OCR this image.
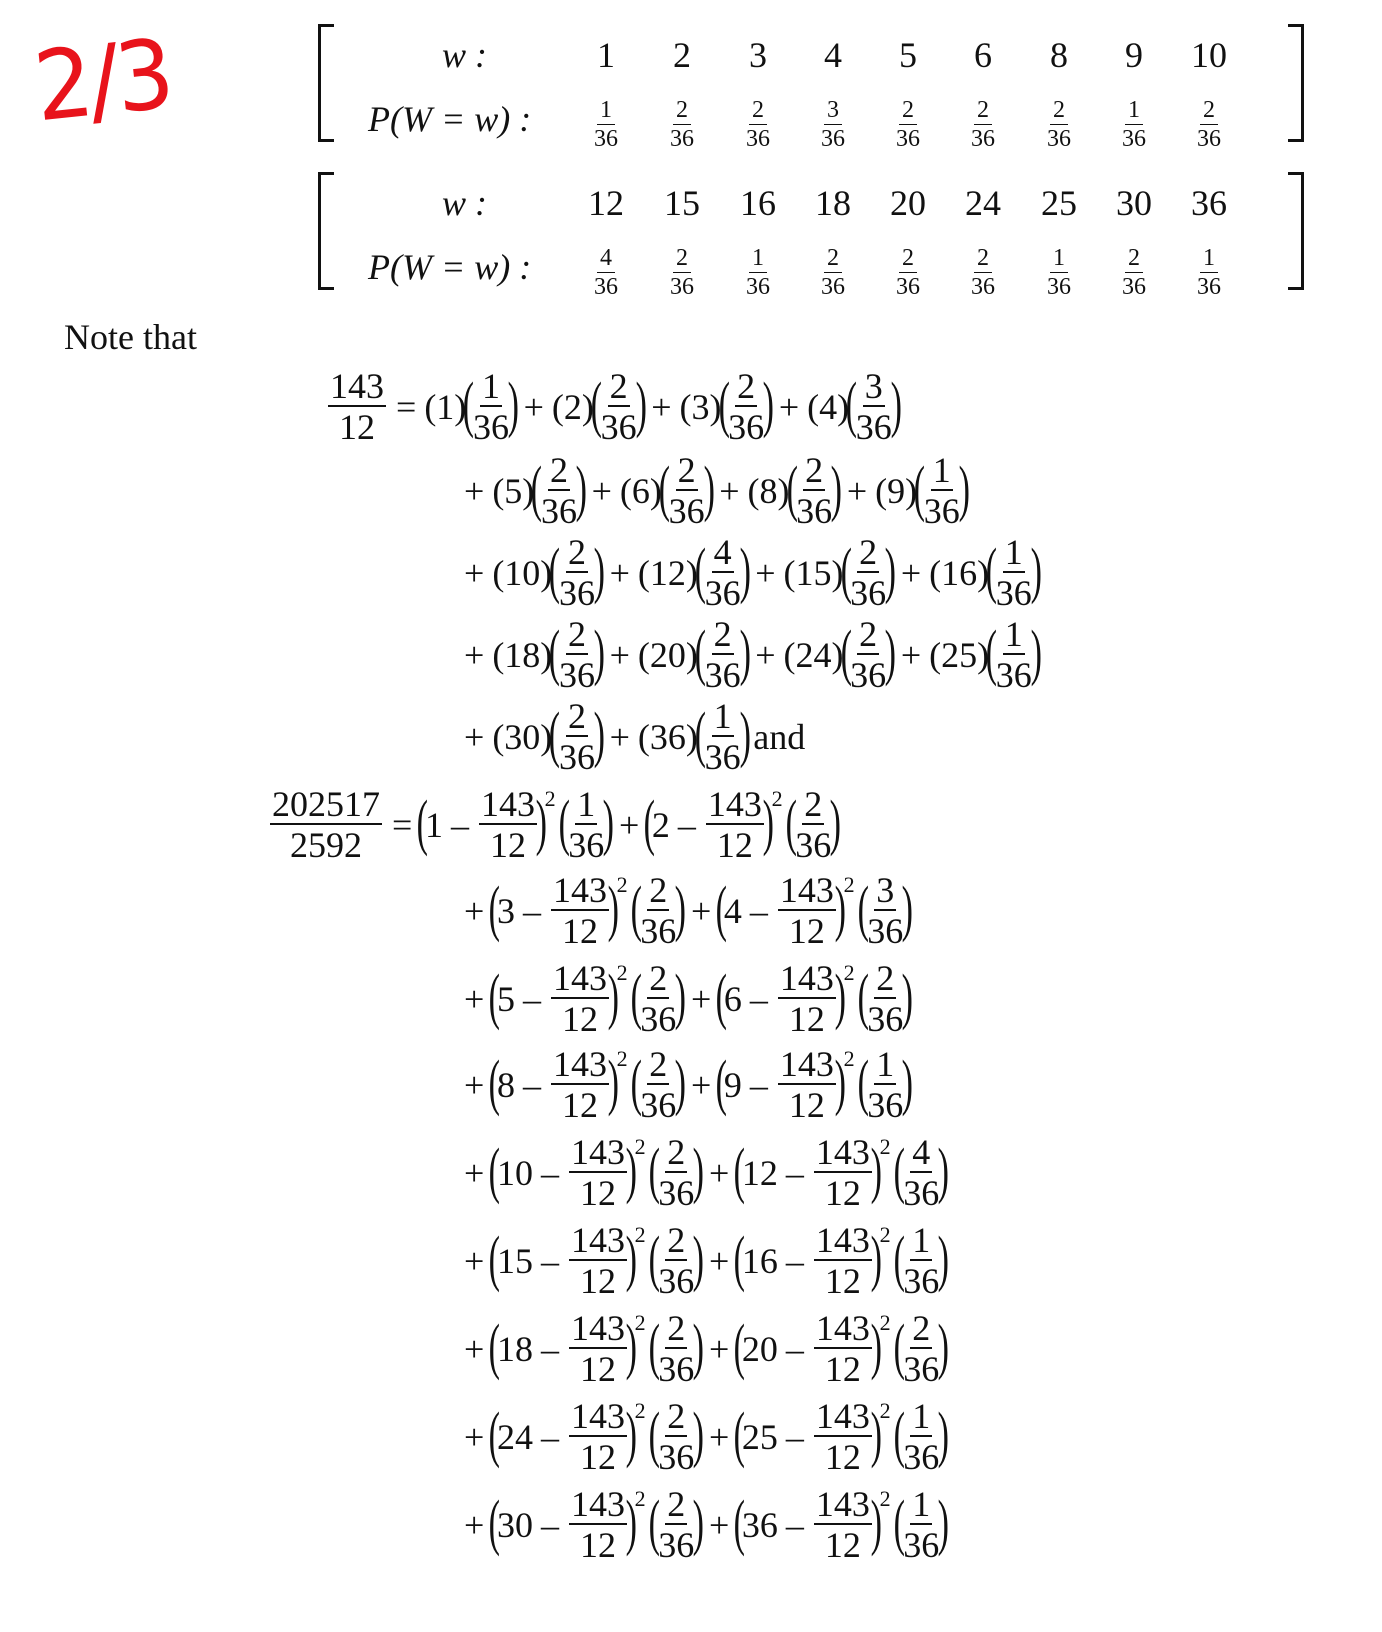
2/3	w :
P(W = w) :
1
$\frac{1}{36}$
2
$\frac{2}{36}$
3
$\frac{2}{36}$
4
$\frac{3}{36}$
5
$\frac{2}{36}$
6
$\frac{2}{36}$
8
$\frac{2}{36}$
9
$\frac{1}{36}$
10
$\frac{2}{36}$
w :
P(W = w) :
12
$\frac{4}{36}$
15
$\frac{2}{36}$
16
$\frac{1}{36}$
18
$\frac{2}{36}$
20
$\frac{2}{36}$
24
$\frac{2}{36}$
25
$\frac{1}{36}$
30
$\frac{2}{36}$
36
$\frac{1}{36}$
Note that
$\frac{143}{12} = (1)$
(
$\frac{1}{36}$
) + (2)
(
$\frac{2}{36}$
) + (3)
(
$\frac{2}{36}$
) + (4)
(
$\frac{3}{36}$
)
+ (5)
(
$\frac{2}{36}$
) + (6)
(
$\frac{2}{36}$
) + (8)
(
$\frac{2}{36}$
) + (9)
(
$\frac{1}{36}$
)
+ (10)
(
$\frac{2}{36}$
) + (12)
(
$\frac{4}{36}$
) + (15)
(
$\frac{2}{36}$
) + (16)
(
$\frac{1}{36}$
)
+ (18)
(
$\frac{2}{36}$
) + (20)
(
$\frac{2}{36}$
) + (24)
(
$\frac{2}{36}$
) + (25)
(
$\frac{1}{36}$
)
+ (30)
(
$\frac{2}{36}$
) + (36)
(
$\frac{1}{36}$
) and
$\frac{202517}{2592}$ = (
$1 - \frac{143}{12}$
)
2 (
$\frac{1}{36}$
) + (
$2 - \frac{143}{12}$
)
2 (
$\frac{2}{36}$
)
+ (
$3 - \frac{143}{12}$
)
2 (
$\frac{2}{36}$
) + (
$4 - \frac{143}{12}$
)
2 (
$\frac{3}{36}$
)
+ (
$5 - \frac{143}{12}$
)
2 (
$\frac{2}{36}$
) + (
$6 - \frac{143}{12}$
)
2 (
$\frac{2}{36}$
)
+ (
$8 - \frac{143}{12}$
)
2 (
$\frac{2}{36}$
) + (
$9 - \frac{143}{12}$
)
2 (
$\frac{1}{36}$
)
+ (
$10 - \frac{143}{12}$
)
2 (
$\frac{2}{36}$
) + (
$12 - \frac{143}{12}$
)
2 (
$\frac{4}{36}$
)
+ (
$15 - \frac{143}{12}$
)
2 (
$\frac{2}{36}$
) + (
$16 - \frac{143}{12}$
)
2 (
$\frac{1}{36}$
)
+ (
$18 - \frac{143}{12}$
)
2 (
$\frac{2}{36}$
) + (
$20 - \frac{143}{12}$
)
2 (
$\frac{2}{36}$
)
+ (
$24 - \frac{143}{12}$
)
2 (
$\frac{2}{36}$
) + (
$25 - \frac{143}{12}$
)
2 (
$\frac{1}{36}$
)
+ (
$30 - \frac{143}{12}$
)
2 (
$\frac{2}{36}$
) + (
$36 - \frac{143}{12}$
)
2 (
$\frac{1}{36}$
)
